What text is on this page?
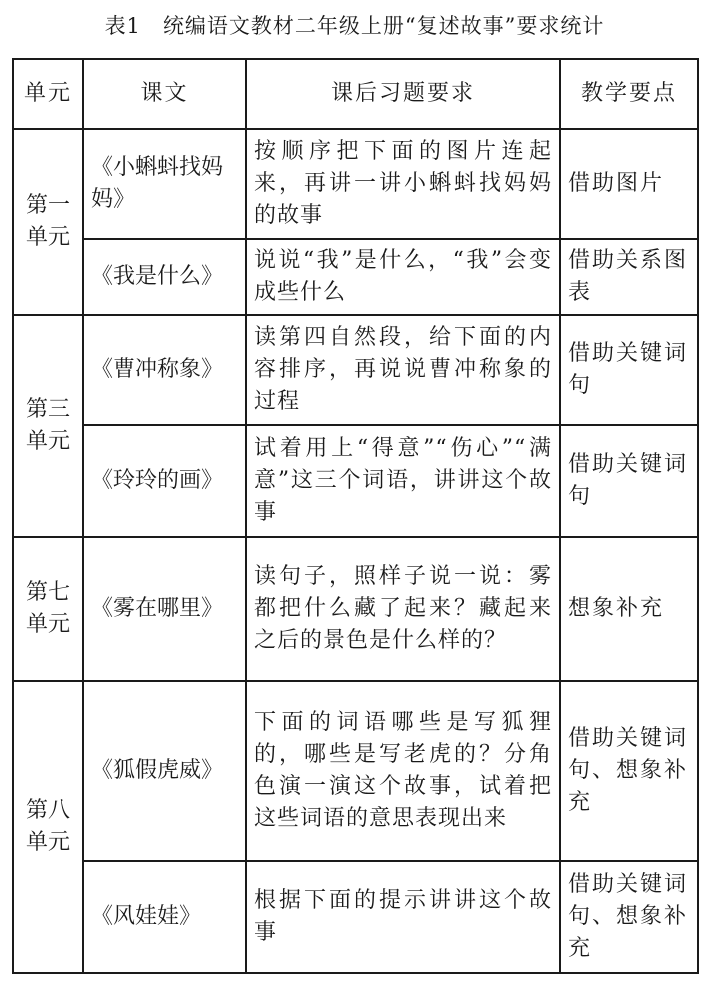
表1 统编语文教材二年级上册“复述故事”要求统计
单元	课文	课后习题要求	教学要点
第一单元	《小蝌蚪找妈妈》	按顺序把下面的图片连起来，再讲一讲小蝌蚪找妈妈的故事	借助图片
	《我是什么》	说说“我”是什么，“我”会变成些什么	借助关系图表
第三单元	《曹冲称象》	读第四自然段，给下面的内容排序，再说说曹冲称象的过程	借助关键词句
	《玲玲的画》	试着用上“得意”“伤心”“满意”这三个词语，讲讲这个故事	借助关键词句
第七单元	《雾在哪里》	读句子，照样子说一说：雾都把什么藏了起来？藏起来之后的景色是什么样的？	想象补充
第八单元	《狐假虎威》	下面的词语哪些是写狐狸的，哪些是写老虎的？分角色演一演这个故事，试着把这些词语的意思表现出来	借助关键词句、想象补充
	《风娃娃》	根据下面的提示讲讲这个故事	借助关键词句、想象补充
